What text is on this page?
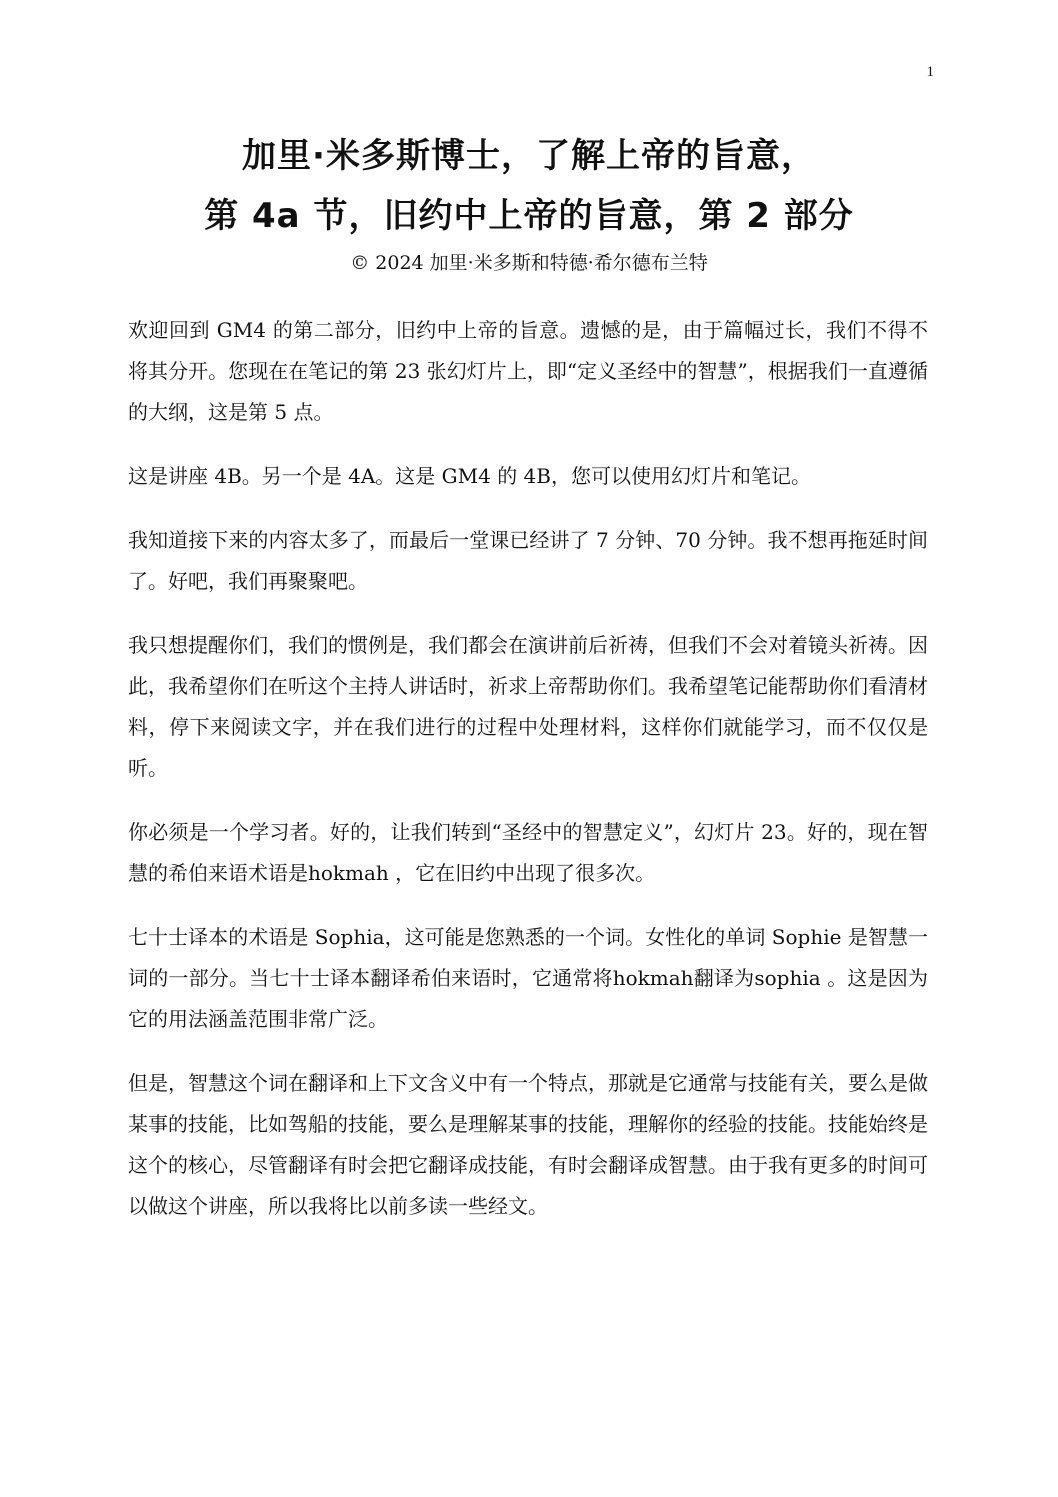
1
加里·米多斯博士，了解上帝的旨意，
第 4a 节，旧约中上帝的旨意，第 2 部分
© 2024 加里·米多斯和特德·希尔德布兰特

欢迎回到 GM4 的第二部分，旧约中上帝的旨意。遗憾的是，由于篇幅过长，我们不得不将其分开。您现在在笔记的第 23 张幻灯片上，即“定义圣经中的智慧”，根据我们一直遵循的大纲，这是第 5 点。

这是讲座 4B。另一个是 4A。这是 GM4 的 4B，您可以使用幻灯片和笔记。

我知道接下来的内容太多了，而最后一堂课已经讲了 7 分钟、70 分钟。我不想再拖延时间了。好吧，我们再聚聚吧。

我只想提醒你们，我们的惯例是，我们都会在演讲前后祈祷，但我们不会对着镜头祈祷。因此，我希望你们在听这个主持人讲话时，祈求上帝帮助你们。我希望笔记能帮助你们看清材料，停下来阅读文字，并在我们进行的过程中处理材料，这样你们就能学习，而不仅仅是听。

你必须是一个学习者。好的，让我们转到“圣经中的智慧定义”，幻灯片 23。好的，现在智慧的希伯来语术语是hokmah ，它在旧约中出现了很多次。

七十士译本的术语是 Sophia，这可能是您熟悉的一个词。女性化的单词 Sophie 是智慧一词的一部分。当七十士译本翻译希伯来语时，它通常将hokmah翻译为sophia 。这是因为它的用法涵盖范围非常广泛。

但是，智慧这个词在翻译和上下文含义中有一个特点，那就是它通常与技能有关，要么是做某事的技能，比如驾船的技能，要么是理解某事的技能，理解你的经验的技能。技能始终是这个的核心，尽管翻译有时会把它翻译成技能，有时会翻译成智慧。由于我有更多的时间可以做这个讲座，所以我将比以前多读一些经文。
